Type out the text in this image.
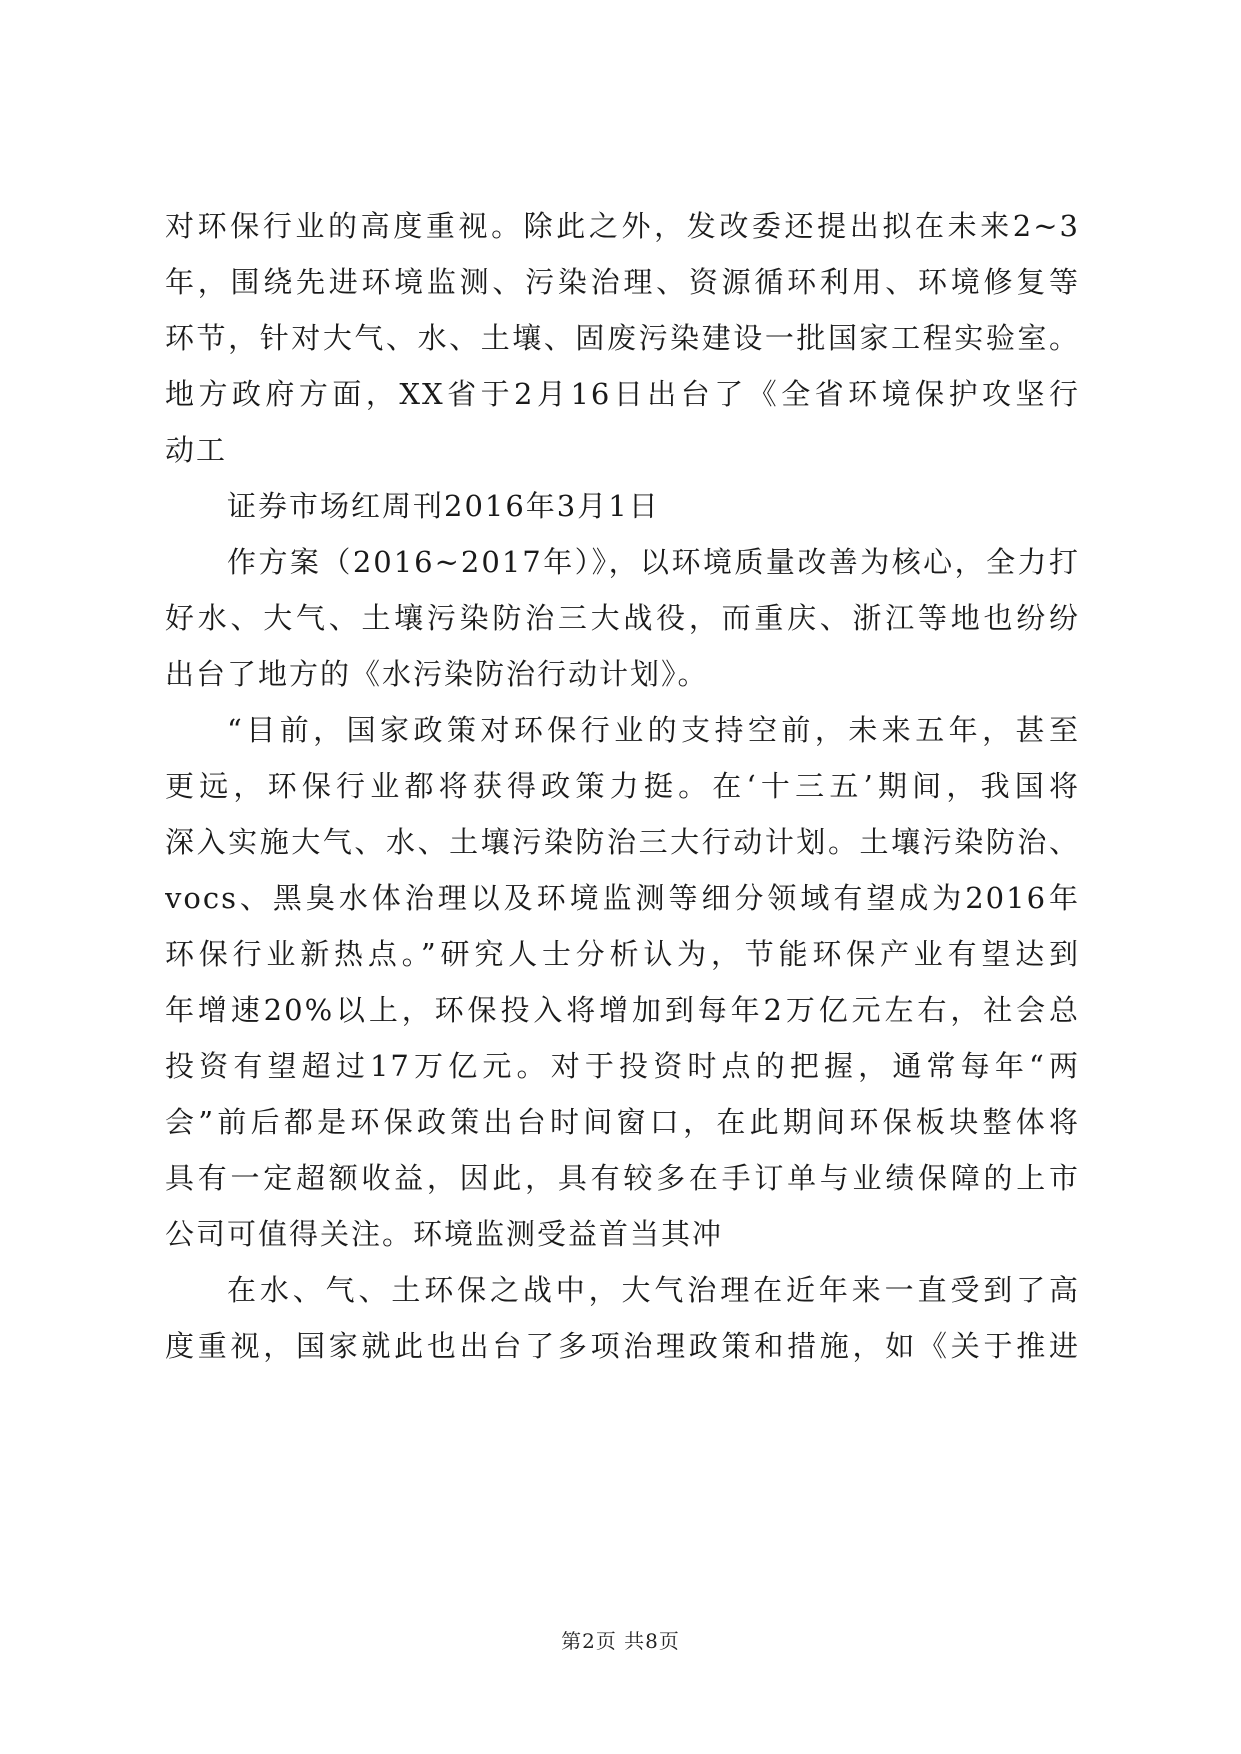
对环保行业的高度重视。除此之外，发改委还提出拟在未来2~3
年，围绕先进环境监测、污染治理、资源循环利用、环境修复等
环节，针对大气、水、土壤、固废污染建设一批国家工程实验室。
地方政府方面，XX省于2月16日出台了《全省环境保护攻坚行
动工
证券市场红周刊2016年3月1日
作方案（2016~2017年）》，以环境质量改善为核心，全力打
好水、大气、土壤污染防治三大战役，而重庆、浙江等地也纷纷
出台了地方的《水污染防治行动计划》。
“目前，国家政策对环保行业的支持空前，未来五年，甚至
更远，环保行业都将获得政策力挺。在‘十三五’期间，我国将
深入实施大气、水、土壤污染防治三大行动计划。土壤污染防治、
vocs、黑臭水体治理以及环境监测等细分领域有望成为2016年
环保行业新热点。”研究人士分析认为，节能环保产业有望达到
年增速20%以上，环保投入将增加到每年2万亿元左右，社会总
投资有望超过17万亿元。对于投资时点的把握，通常每年“两
会”前后都是环保政策出台时间窗口，在此期间环保板块整体将
具有一定超额收益，因此，具有较多在手订单与业绩保障的上市
公司可值得关注。环境监测受益首当其冲
在水、气、土环保之战中，大气治理在近年来一直受到了高
度重视，国家就此也出台了多项治理政策和措施，如《关于推进
第2页 共8页
